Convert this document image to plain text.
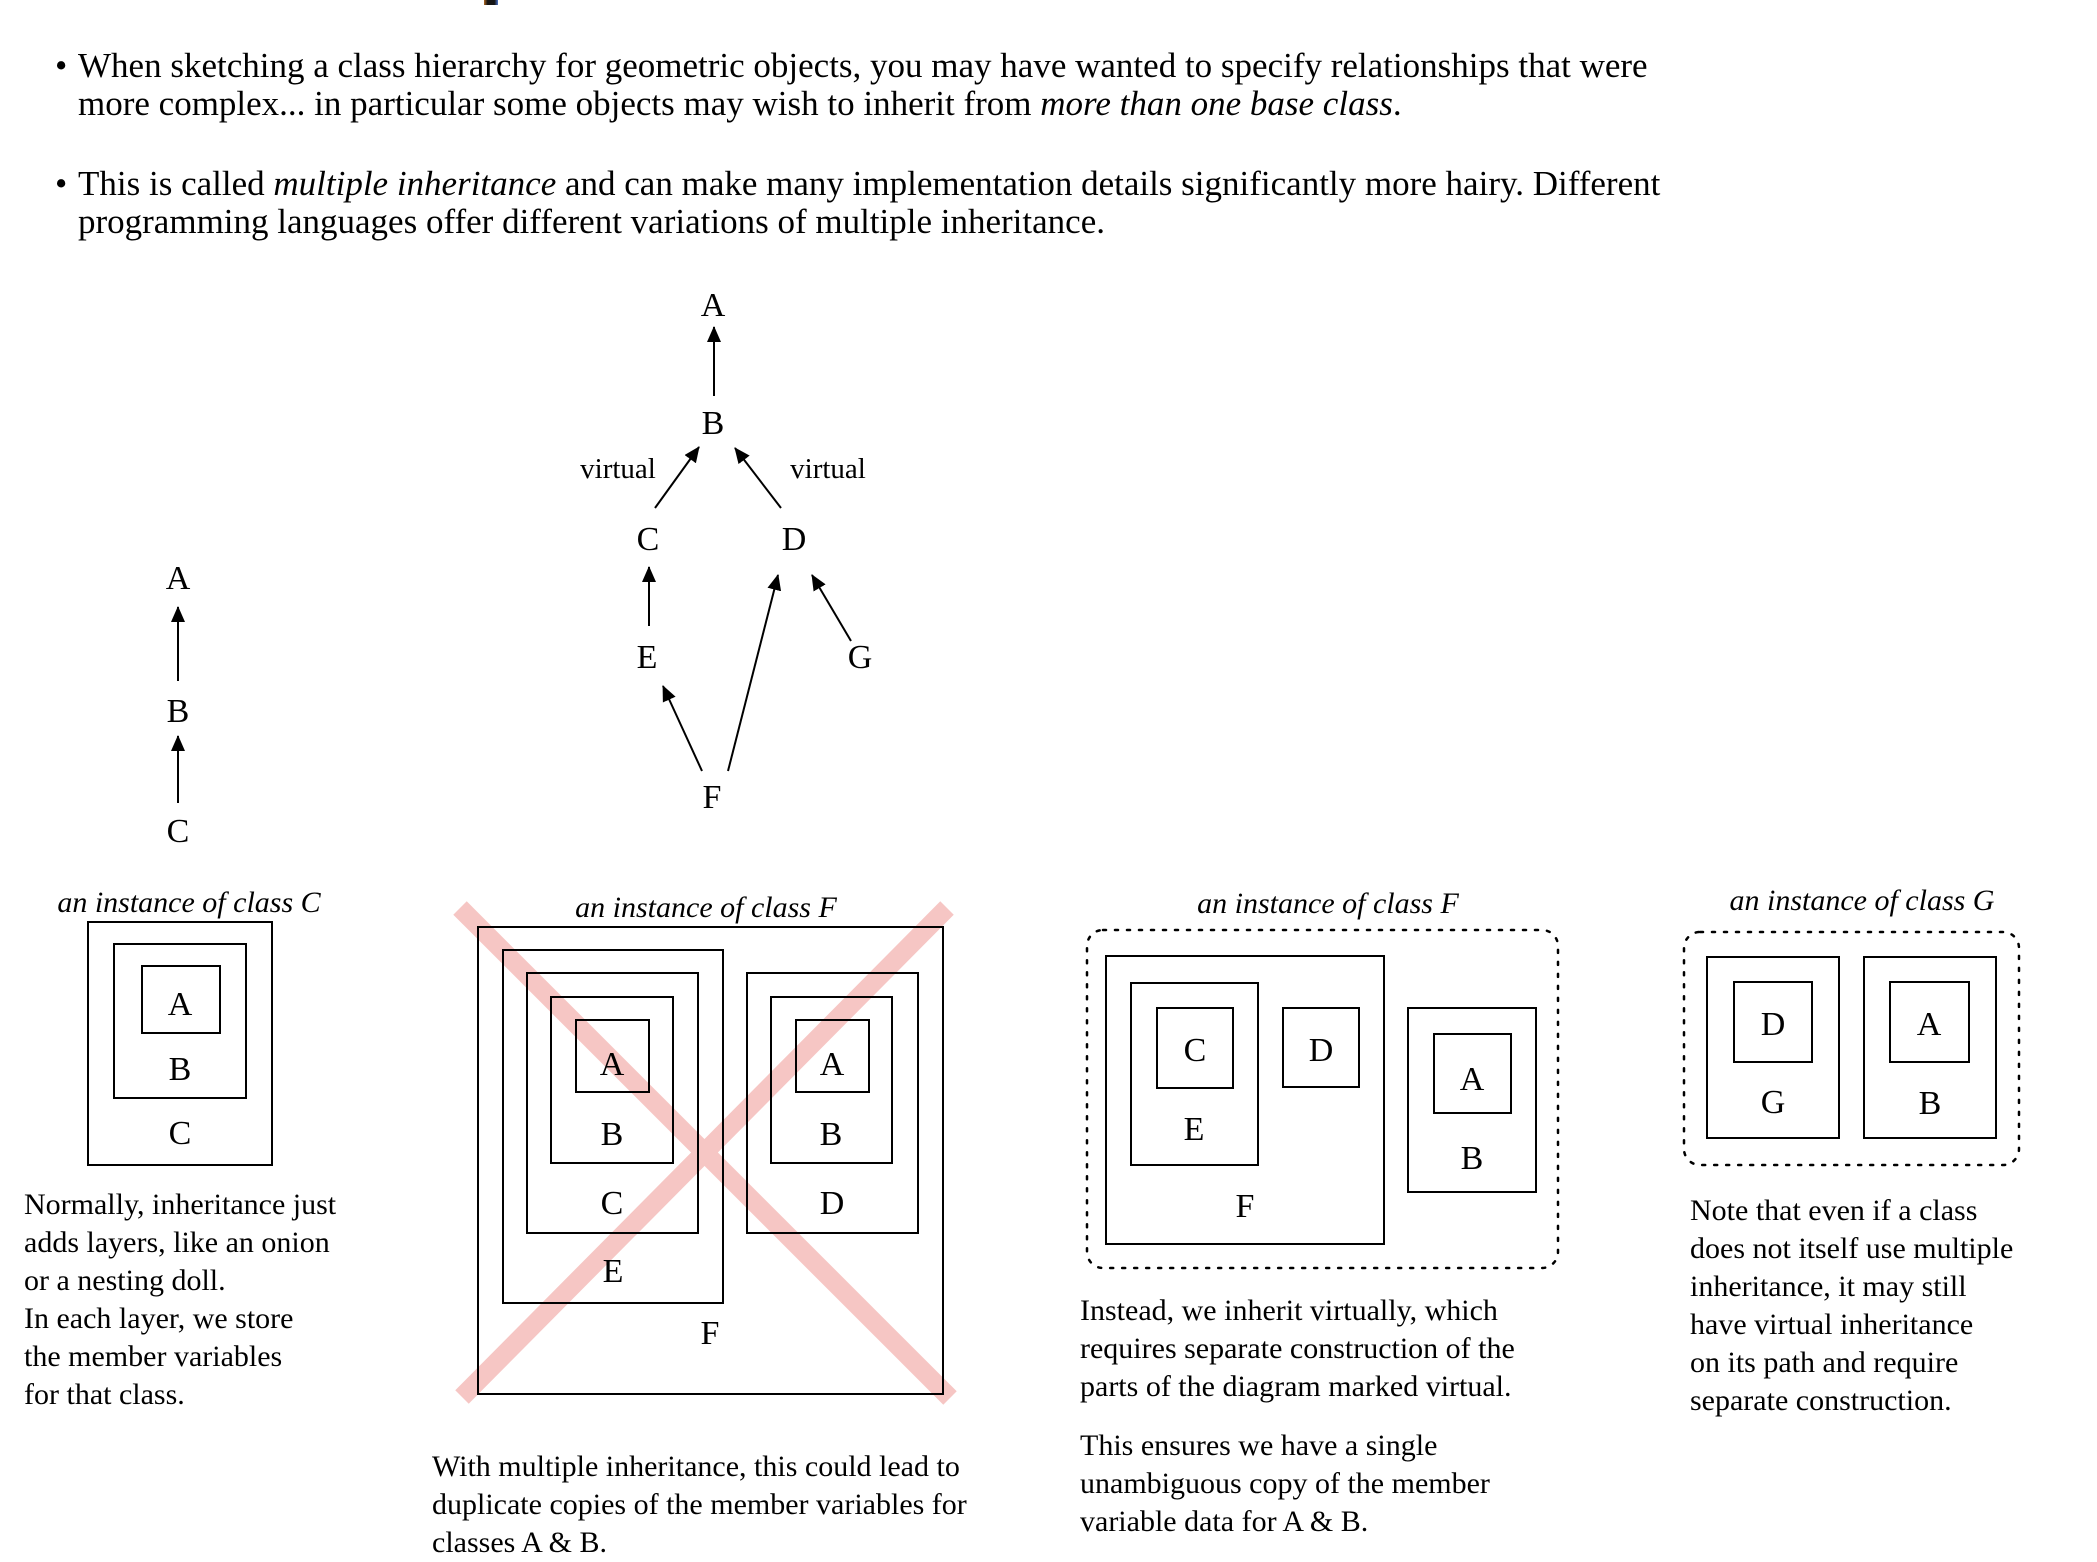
• When sketching a class hierarchy for geometric objects, you may have wanted to specify relationships that were
more complex... in particular some objects may wish to inherit from more than one base class.
• This is called multiple inheritance and can make many implementation details significantly more hairy. Different
programming languages offer different variations of multiple inheritance.
A
B
C
A
B
virtual	virtual
C	D
E	G
F
an instance of class C
A
B
C
an instance of class F
A
B
C
E
A
B
D
F
an instance of class F
C	D
E
A
B
F
an instance of class G
D
G
A
B
Normally, inheritance just
adds layers, like an onion
or a nesting doll.
In each layer, we store
the member variables
for that class.
With multiple inheritance, this could lead to
duplicate copies of the member variables for
classes A & B.
Instead, we inherit virtually, which
requires separate construction of the
parts of the diagram marked virtual.
This ensures we have a single
unambiguous copy of the member
variable data for A & B.
Note that even if a class
does not itself use multiple
inheritance, it may still
have virtual inheritance
on its path and require
separate construction.
